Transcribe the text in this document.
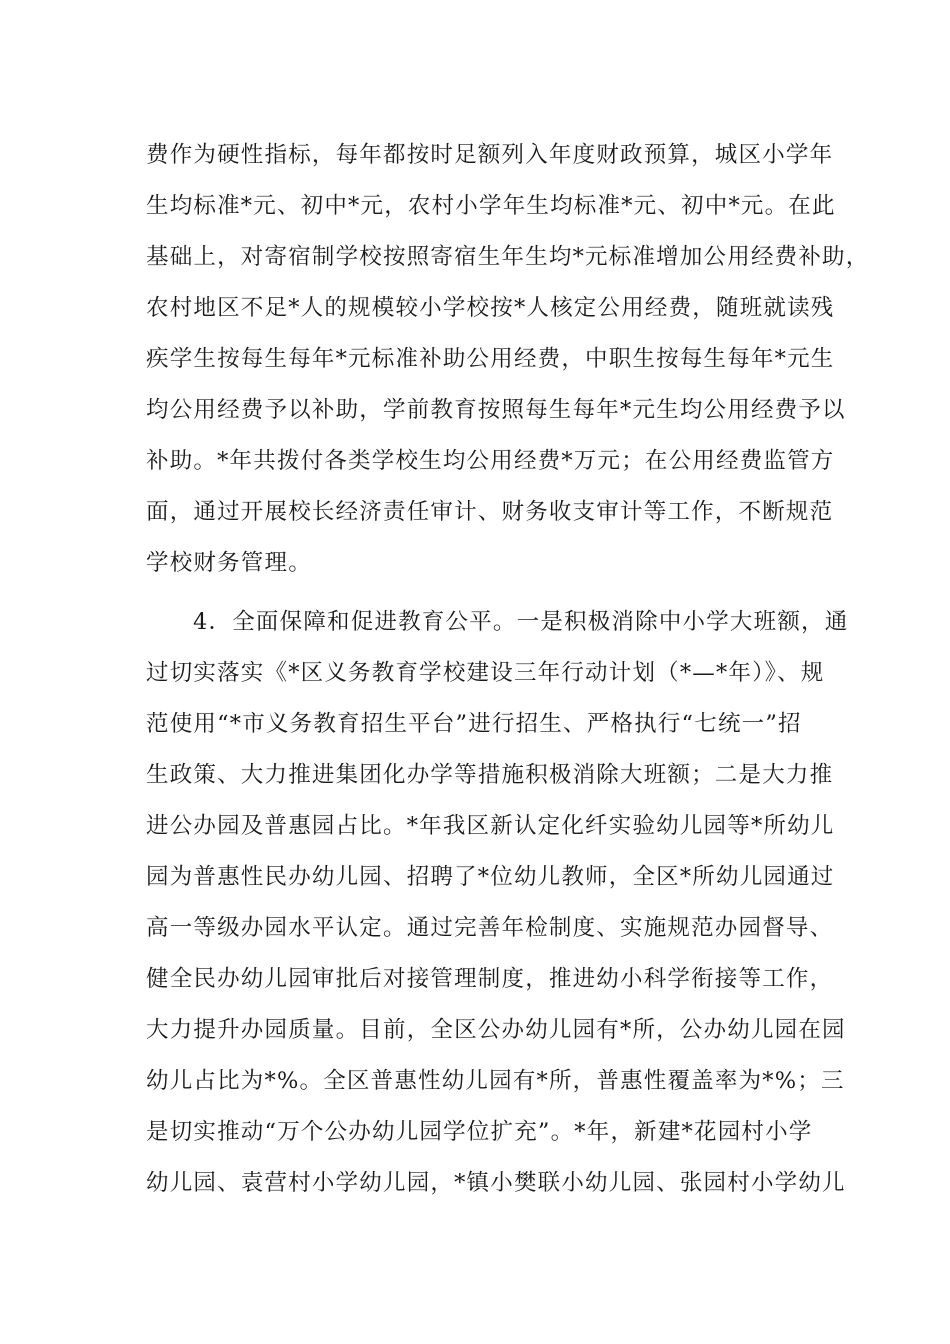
费作为硬性指标，每年都按时足额列入年度财政预算，城区小学年
生均标准*元、初中*元，农村小学年生均标准*元、初中*元。在此
基础上，对寄宿制学校按照寄宿生年生均*元标准增加公用经费补助，
农村地区不足*人的规模较小学校按*人核定公用经费，随班就读残
疾学生按每生每年*元标准补助公用经费，中职生按每生每年*元生
均公用经费予以补助，学前教育按照每生每年*元生均公用经费予以
补助。*年共拨付各类学校生均公用经费*万元；在公用经费监管方
面，通过开展校长经济责任审计、财务收支审计等工作，不断规范
学校财务管理。
4．全面保障和促进教育公平。一是积极消除中小学大班额，通
过切实落实《*区义务教育学校建设三年行动计划（*—*年）》、规
范使用“*市义务教育招生平台”进行招生、严格执行“七统一”招
生政策、大力推进集团化办学等措施积极消除大班额；二是大力推
进公办园及普惠园占比。*年我区新认定化纤实验幼儿园等*所幼儿
园为普惠性民办幼儿园、招聘了*位幼儿教师，全区*所幼儿园通过
高一等级办园水平认定。通过完善年检制度、实施规范办园督导、
健全民办幼儿园审批后对接管理制度，推进幼小科学衔接等工作，
大力提升办园质量。目前，全区公办幼儿园有*所，公办幼儿园在园
幼儿占比为*%。全区普惠性幼儿园有*所，普惠性覆盖率为*%；三
是切实推动“万个公办幼儿园学位扩充”。*年，新建*花园村小学
幼儿园、袁营村小学幼儿园，*镇小樊联小幼儿园、张园村小学幼儿
